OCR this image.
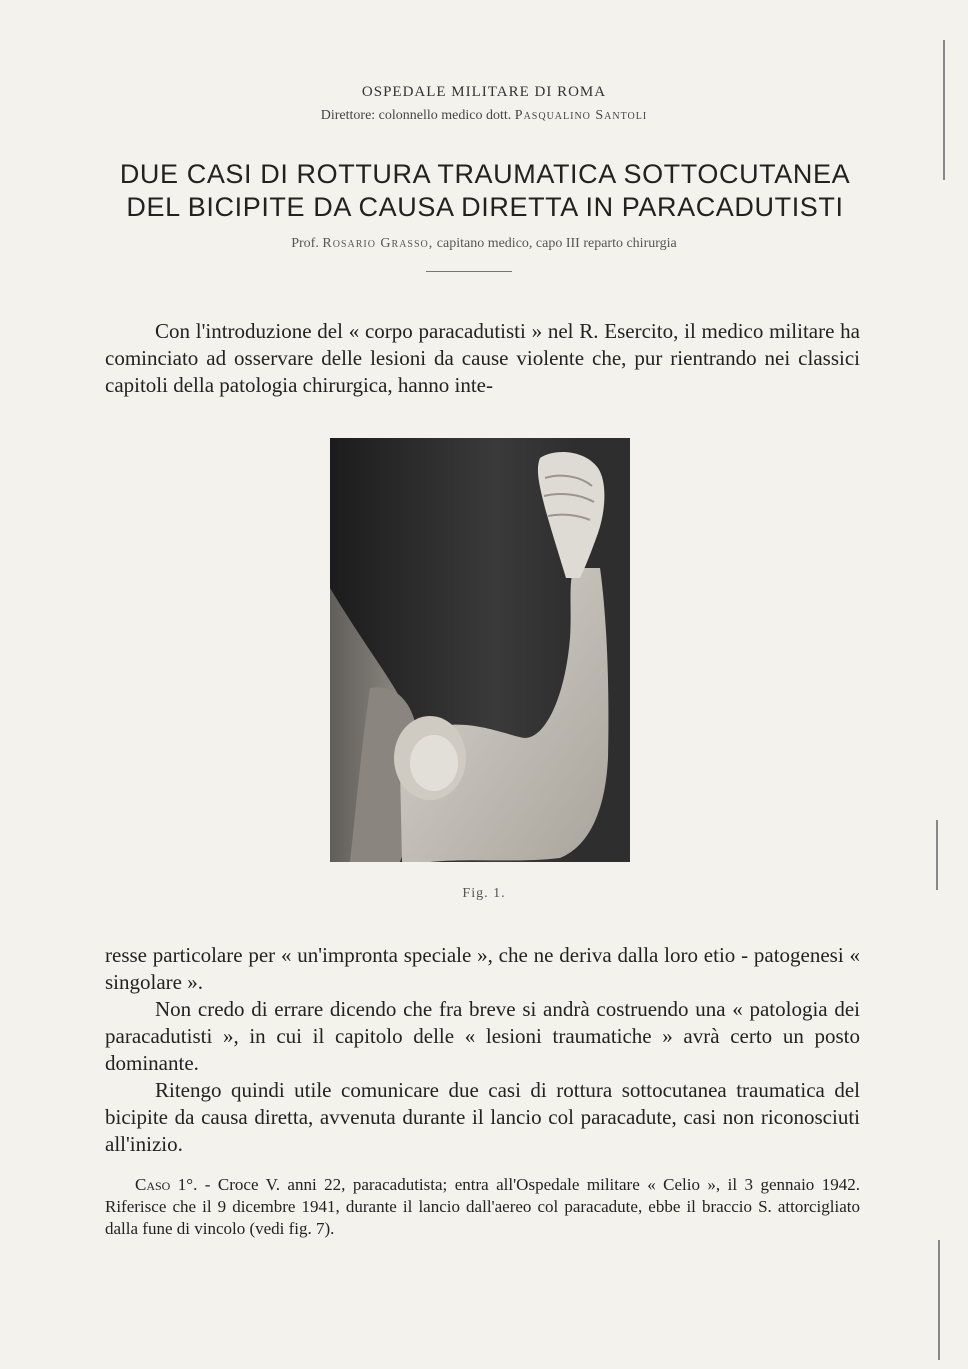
OSPEDALE MILITARE DI ROMA
Direttore: colonnello medico dott. Pasqualino Santoli
DUE CASI DI ROTTURA TRAUMATICA SOTTOCUTANEA
DEL BICIPITE DA CAUSA DIRETTA IN PARACADUTISTI
Prof. Rosario Grasso, capitano medico, capo III reparto chirurgia

Con l'introduzione del « corpo paracadutisti » nel R. Esercito, il medico militare ha cominciato ad osservare delle lesioni da cause violente che, pur rientrando nei classici capitoli della patologia chirurgica, hanno inte-

Fig. 1.

resse particolare per « un'impronta speciale », che ne deriva dalla loro etio - patogenesi « singolare ».

Non credo di errare dicendo che fra breve si andrà costruendo una « patologia dei paracadutisti », in cui il capitolo delle « lesioni traumatiche » avrà certo un posto dominante.

Ritengo quindi utile comunicare due casi di rottura sottocutanea traumatica del bicipite da causa diretta, avvenuta durante il lancio col paracadute, casi non riconosciuti all'inizio.

Caso 1°. - Croce V. anni 22, paracadutista; entra all'Ospedale militare « Celio », il 3 gennaio 1942. Riferisce che il 9 dicembre 1941, durante il lancio dall'aereo col paracadute, ebbe il braccio S. attorcigliato dalla fune di vincolo (vedi fig. 7).
